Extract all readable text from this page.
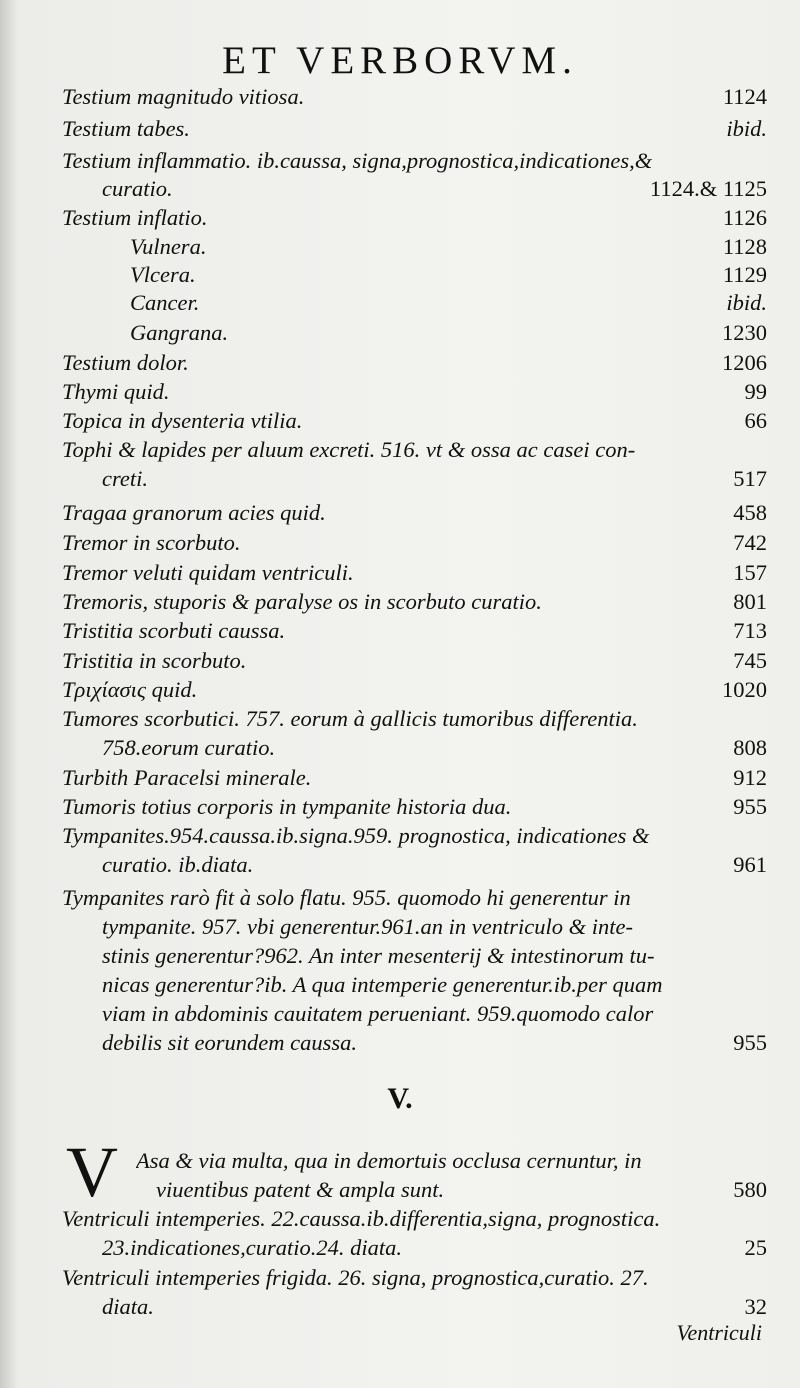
ET VERBORVM.
Testium magnitudo vitiosa.	1124
Testium tabes.	ibid.
Testium inflammatio. ib.caussa, signa,prognostica,indicationes,&
curatio.	1124.& 1125
Testium inflatio.	1126
Vulnera.	1128
Vlcera.	1129
Cancer.	ibid.
Gangrana.	1230
Testium dolor.	1206
Thymi quid.	99
Topica in dysenteria vtilia.	66
Tophi & lapides per aluum excreti. 516. vt & ossa ac casei con-
creti.	517
Tragaa granorum acies quid.	458
Tremor in scorbuto.	742
Tremor veluti quidam ventriculi.	157
Tremoris, stuporis & paralyse os in scorbuto curatio.	801
Tristitia scorbuti caussa.	713
Tristitia in scorbuto.	745
Τριχίασις quid.	1020
Tumores scorbutici. 757. eorum à gallicis tumoribus differentia.
758.eorum curatio.	808
Turbith Paracelsi minerale.	912
Tumoris totius corporis in tympanite historia dua.	955
Tympanites.954.caussa.ib.signa.959. prognostica, indicationes &
curatio. ib.diata.	961
Tympanites rarò fit à solo flatu. 955. quomodo hi generentur in
tympanite. 957. vbi generentur.961.an in ventriculo & inte-
stinis generentur?962. An inter mesenterij & intestinorum tu-
nicas generentur?ib. A qua intemperie generentur.ib.per quam
viam in abdominis cauitatem perueniant. 959.quomodo calor
debilis sit eorundem caussa.	955
V.
V Asa & via multa, qua in demortuis occlusa cernuntur, in
viuentibus patent & ampla sunt.	580
Ventriculi intemperies. 22.caussa.ib.differentia,signa, prognostica.
23.indicationes,curatio.24. diata.	25
Ventriculi intemperies frigida. 26. signa, prognostica,curatio. 27.
diata.	32
Ventriculi
